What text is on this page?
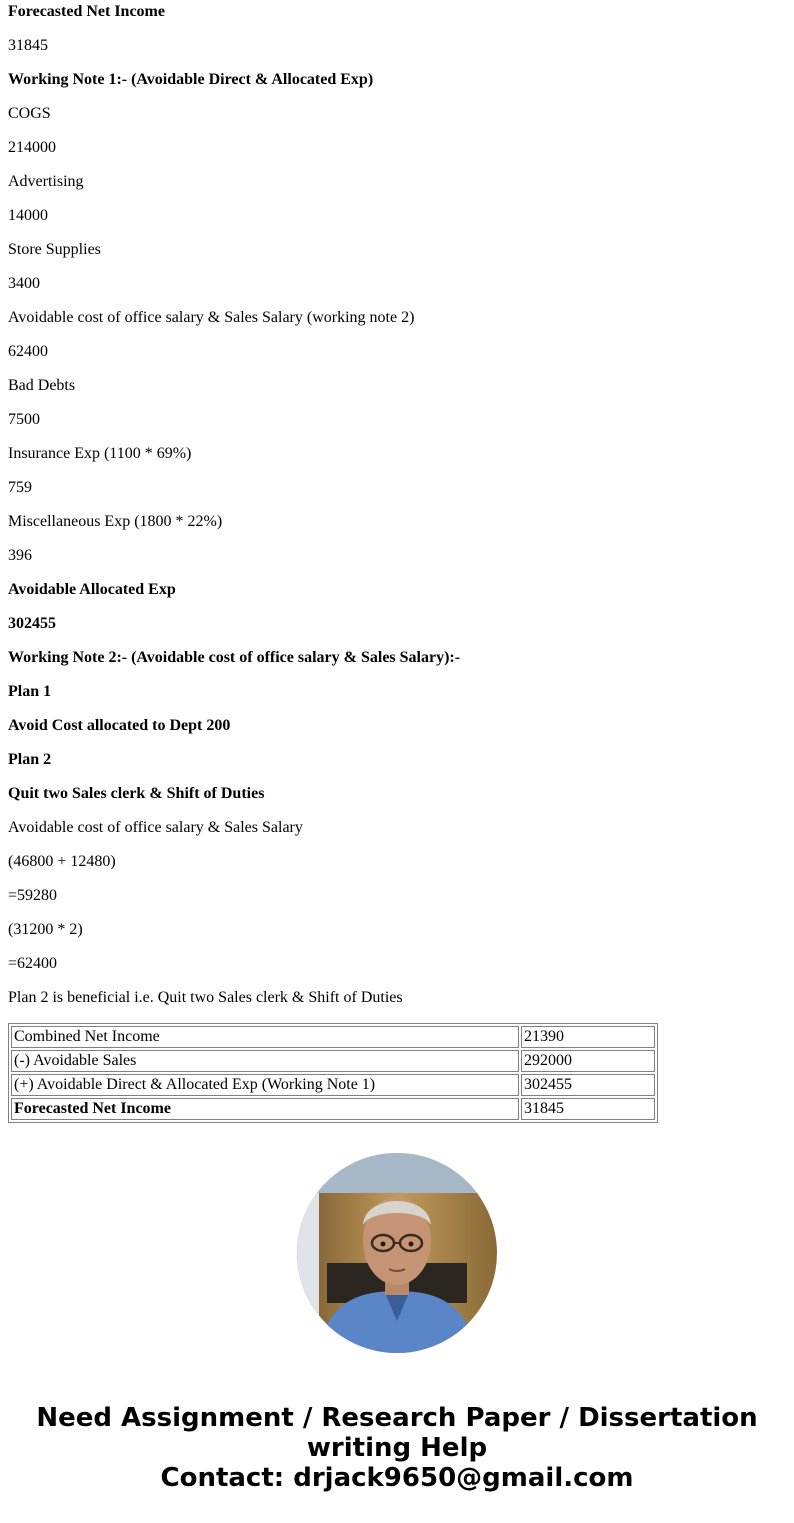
Forecasted Net Income
31845
Working Note 1:- (Avoidable Direct & Allocated Exp)
COGS
214000
Advertising
14000
Store Supplies
3400
Avoidable cost of office salary & Sales Salary (working note 2)
62400
Bad Debts
7500
Insurance Exp (1100 * 69%)
759
Miscellaneous Exp (1800 * 22%)
396
Avoidable Allocated Exp
302455
Working Note 2:- (Avoidable cost of office salary & Sales Salary):-
Plan 1
Avoid Cost allocated to Dept 200
Plan 2
Quit two Sales clerk & Shift of Duties
Avoidable cost of office salary & Sales Salary
(46800 + 12480)
=59280
(31200 * 2)
=62400
Plan 2 is beneficial i.e. Quit two Sales clerk & Shift of Duties
Combined Net Income	21390
(-) Avoidable Sales	292000
(+) Avoidable Direct & Allocated Exp (Working Note 1)	302455
Forecasted Net Income	31845
Need Assignment / Research Paper / Dissertation
writing Help
Contact: drjack9650@gmail.com
